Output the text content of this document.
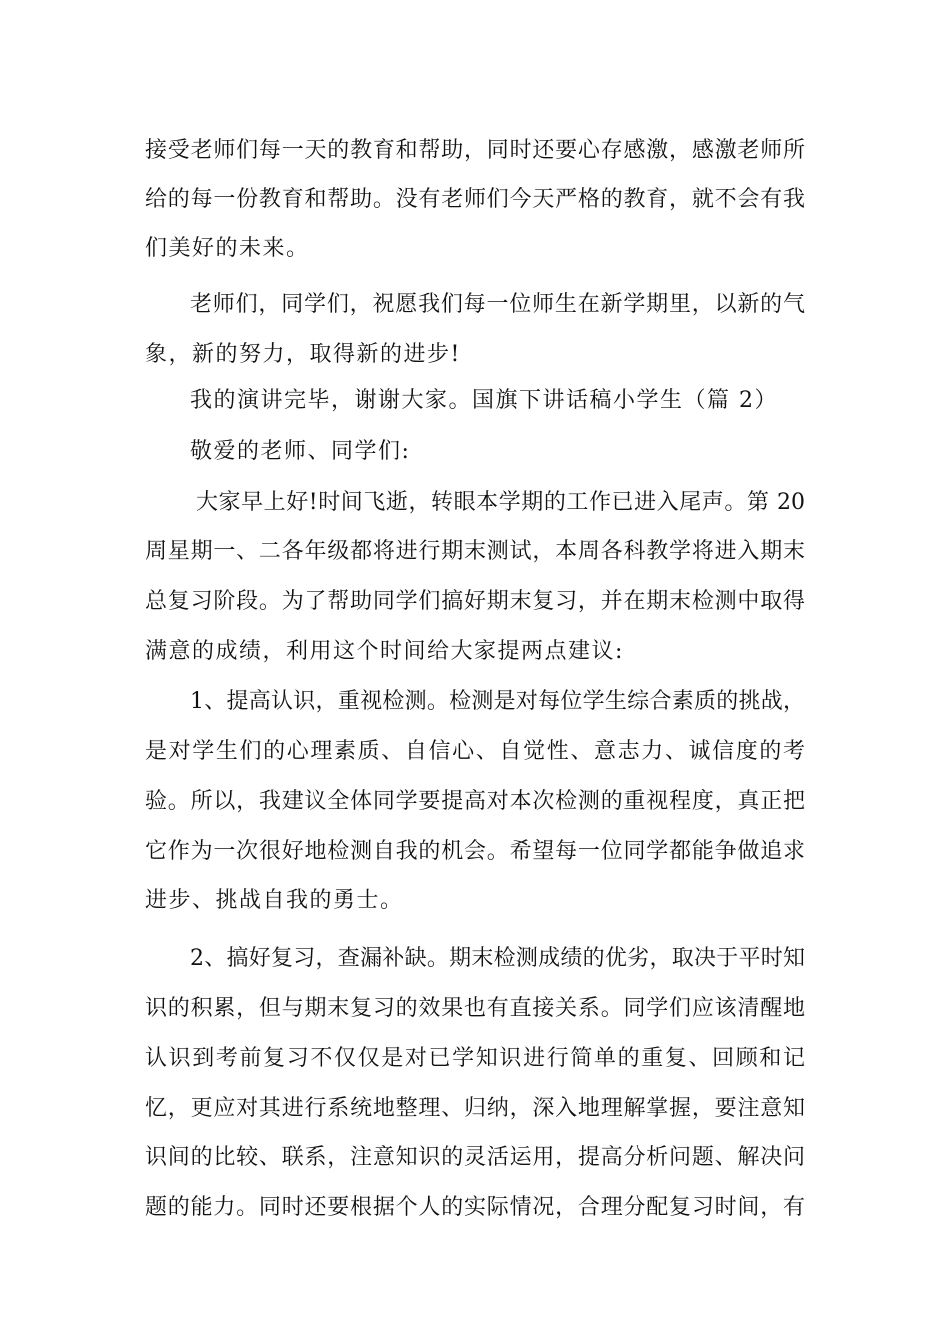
接受老师们每一天的教育和帮助，同时还要心存感激，感激老师所
给的每一份教育和帮助。没有老师们今天严格的教育，就不会有我
们美好的未来。
老师们，同学们，祝愿我们每一位师生在新学期里，以新的气
象，新的努力，取得新的进步!
我的演讲完毕，谢谢大家。国旗下讲话稿小学生（篇 2）
敬爱的老师、同学们:
大家早上好!时间飞逝，转眼本学期的工作已进入尾声。第 20
周星期一、二各年级都将进行期末测试，本周各科教学将进入期末
总复习阶段。为了帮助同学们搞好期末复习，并在期末检测中取得
满意的成绩，利用这个时间给大家提两点建议:
1、提高认识，重视检测。检测是对每位学生综合素质的挑战，
是对学生们的心理素质、自信心、自觉性、意志力、诚信度的考
验。所以，我建议全体同学要提高对本次检测的重视程度，真正把
它作为一次很好地检测自我的机会。希望每一位同学都能争做追求
进步、挑战自我的勇士。
2、搞好复习，查漏补缺。期末检测成绩的优劣，取决于平时知
识的积累，但与期末复习的效果也有直接关系。同学们应该清醒地
认识到考前复习不仅仅是对已学知识进行简单的重复、回顾和记
忆，更应对其进行系统地整理、归纳，深入地理解掌握，要注意知
识间的比较、联系，注意知识的灵活运用，提高分析问题、解决问
题的能力。同时还要根据个人的实际情况，合理分配复习时间，有
